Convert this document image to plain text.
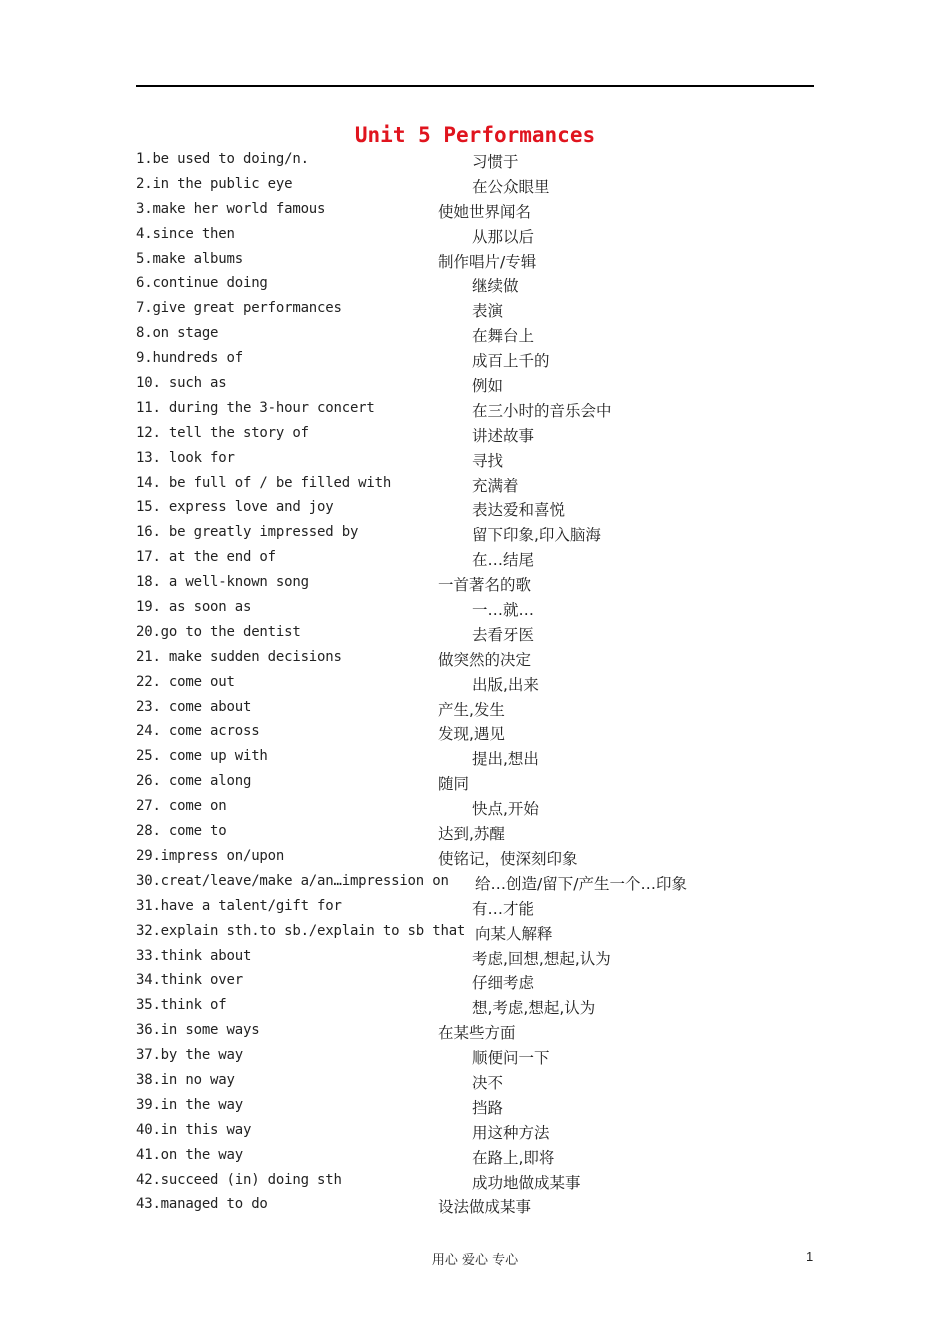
Unit 5 Performances
1.be used to doing/n.	习惯于
2.in the public eye	在公众眼里
3.make her world famous	使她世界闻名
4.since then	从那以后
5.make albums	制作唱片/专辑
6.continue doing	继续做
7.give great performances	表演
8.on stage	在舞台上
9.hundreds of	成百上千的
10. such as	例如
11. during the 3-hour concert	在三小时的音乐会中
12. tell the story of	讲述故事
13. look for	寻找
14. be full of / be filled with	充满着
15. express love and joy	表达爱和喜悦
16. be greatly impressed by	留下印象,印入脑海
17. at the end of	在…结尾
18. a well-known song	一首著名的歌
19. as soon as	一…就…
20.go to the dentist	去看牙医
21. make sudden decisions	做突然的决定
22. come out	出版,出来
23. come about	产生,发生
24. come across	发现,遇见
25. come up with	提出,想出
26. come along	随同
27. come on	快点,开始
28. come to	达到,苏醒
29.impress on/upon	使铭记，使深刻印象
30.creat/leave/make a/an…impression on 给…创造/留下/产生一个…印象
31.have a talent/gift for	有…才能
32.explain sth.to sb./explain to sb that 向某人解释
33.think about	考虑,回想,想起,认为
34.think over	仔细考虑
35.think of	想,考虑,想起,认为
36.in some ways	在某些方面
37.by the way	顺便问一下
38.in no way	决不
39.in the way	挡路
40.in this way	用这种方法
41.on the way	在路上,即将
42.succeed (in) doing sth	成功地做成某事
43.managed to do	设法做成某事
用心 爱心 专心	1
